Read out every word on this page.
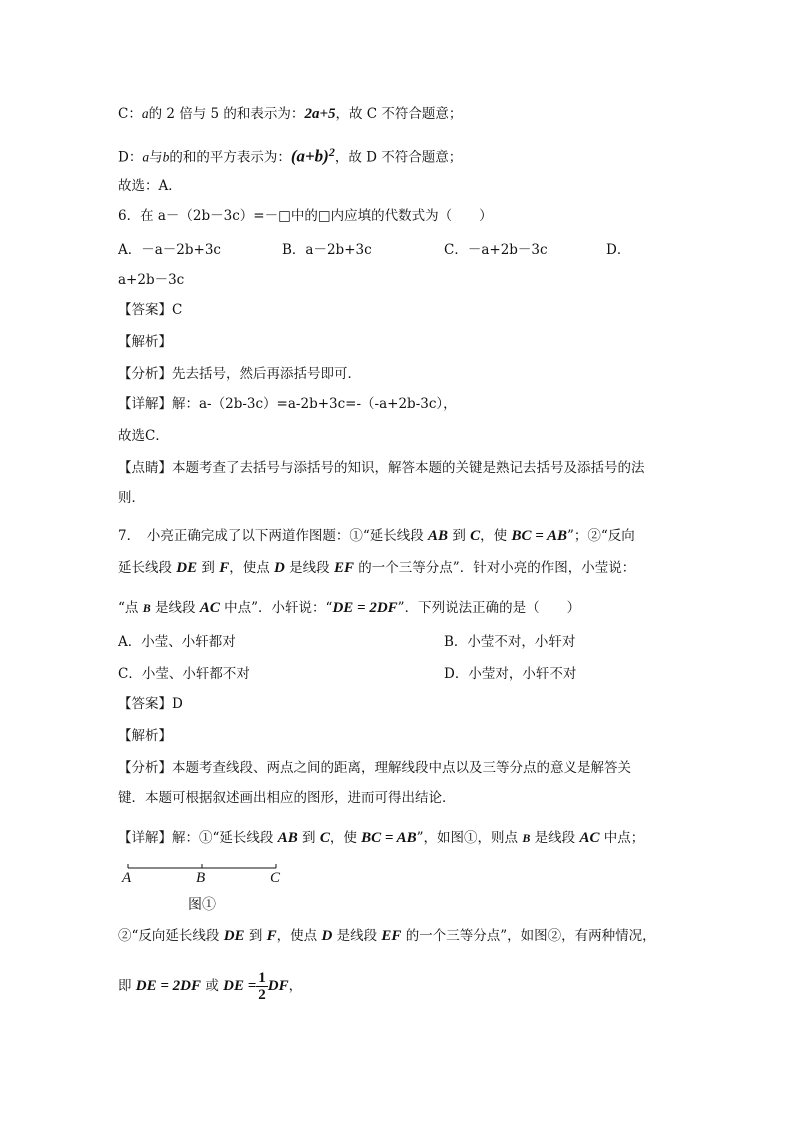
C：a的 2 倍与 5 的和表示为：2a+5，故 C 不符合题意；
D：a与b的和的平方表示为：$(a+b)^2$，故 D 不符合题意；
故选：A．
6．在 a－（2b－3c）=－□中的□内应填的代数式为（　　）
A．－a－2b+3c	B．a－2b+3c	C．－a+2b－3c	D．
a+2b－3c
【答案】C
【解析】
【分析】先去括号，然后再添括号即可．
【详解】解：a-（2b-3c）=a-2b+3c=-（-a+2b-3c），
故选C．
【点睛】本题考查了去括号与添括号的知识，解答本题的关键是熟记去括号及添括号的法
则．
7．　小亮正确完成了以下两道作图题：①“延长线段 AB 到 C，使 BC = AB”；②“反向
延长线段 DE 到 F，使点 D 是线段 EF 的一个三等分点”．针对小亮的作图，小莹说：
“点 B 是线段 AC 中点”．小轩说：“DE = 2DF”．下列说法正确的是（　　）
A．小莹、小轩都对	B．小莹不对，小轩对
C．小莹、小轩都不对	D．小莹对，小轩不对
【答案】D
【解析】
【分析】本题考查线段、两点之间的距离，理解线段中点以及三等分点的意义是解答关
键．本题可根据叙述画出相应的图形，进而可得出结论．
【详解】解：①“延长线段 AB 到 C，使 BC = AB”，如图①，则点 B 是线段 AC 中点；
A	B	C
图①
②“反向延长线段 DE 到 F，使点 D 是线段 EF 的一个三等分点”，如图②，有两种情况，
即 DE = 2DF 或 DE = $\frac{1}{2}$ DF，
